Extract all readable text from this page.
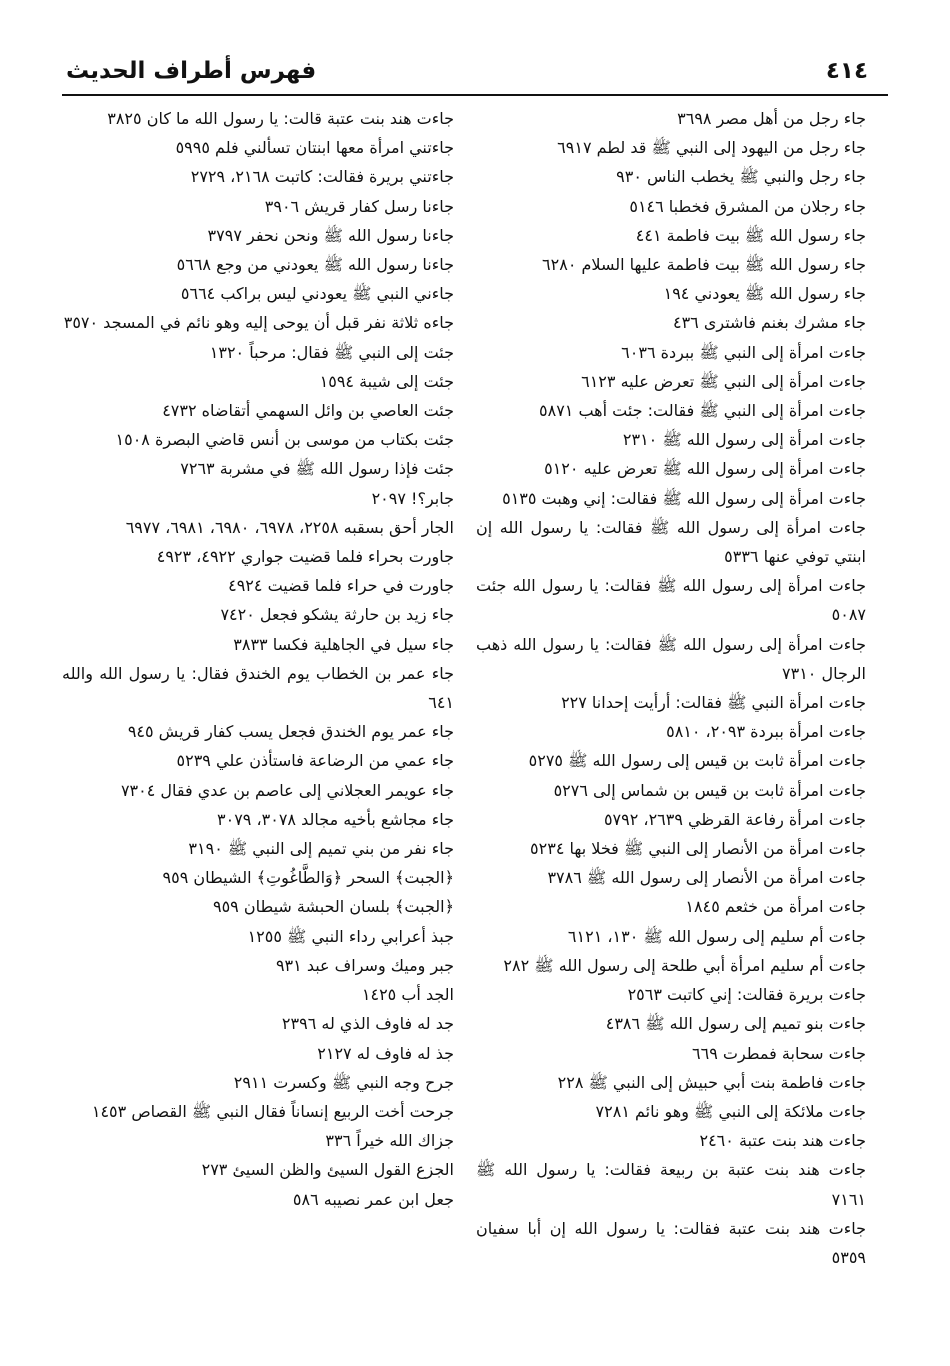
٤١٤
فهرس أطراف الحديث

جاء رجل من أهل مصر ٣٦٩٨

جاء رجل من اليهود إلى النبي ﷺ قد لطم ٦٩١٧

جاء رجل والنبي ﷺ يخطب الناس ٩٣٠

جاء رجلان من المشرق فخطبا ٥١٤٦

جاء رسول الله ﷺ بيت فاطمة ٤٤١

جاء رسول الله ﷺ بيت فاطمة عليها السلام ٦٢٨٠

جاء رسول الله ﷺ يعودني ١٩٤

جاء مشرك بغنم فاشترى ٤٣٦

جاءت امرأة إلى النبي ﷺ ببردة ٦٠٣٦

جاءت امرأة إلى النبي ﷺ تعرض عليه ٦١٢٣

جاءت امرأة إلى النبي ﷺ فقالت: جئت أهب ٥٨٧١

جاءت امرأة إلى رسول الله ﷺ ٢٣١٠

جاءت امرأة إلى رسول الله ﷺ تعرض عليه ٥١٢٠

جاءت امرأة إلى رسول الله ﷺ فقالت: إني وهبت ٥١٣٥

جاءت امرأة إلى رسول الله ﷺ فقالت: يا رسول الله إن ابنتي توفي عنها ٥٣٣٦

جاءت امرأة إلى رسول الله ﷺ فقالت: يا رسول الله جئت ٥٠٨٧

جاءت امرأة إلى رسول الله ﷺ فقالت: يا رسول الله ذهب الرجال ٧٣١٠

جاءت امرأة النبي ﷺ فقالت: أرأيت إحدانا ٢٢٧

جاءت امرأة ببردة ٢٠٩٣، ٥٨١٠

جاءت امرأة ثابت بن قيس إلى رسول الله ﷺ ٥٢٧٥

جاءت امرأة ثابت بن قيس بن شماس إلى ٥٢٧٦

جاءت امرأة رفاعة القرظي ٢٦٣٩، ٥٧٩٢

جاءت امرأة من الأنصار إلى النبي ﷺ فخلا بها ٥٢٣٤

جاءت امرأة من الأنصار إلى رسول الله ﷺ ٣٧٨٦

جاءت امرأة من خثعم ١٨٤٥

جاءت أم سليم إلى رسول الله ﷺ ١٣٠، ٦١٢١

جاءت أم سليم امرأة أبي طلحة إلى رسول الله ﷺ ٢٨٢

جاءت بريرة فقالت: إني كاتبت ٢٥٦٣

جاءت بنو تميم إلى رسول الله ﷺ ٤٣٨٦

جاءت سحابة فمطرت ٦٦٩

جاءت فاطمة بنت أبي حبيش إلى النبي ﷺ ٢٢٨

جاءت ملائكة إلى النبي ﷺ وهو نائم ٧٢٨١

جاءت هند بنت عتبة ٢٤٦٠

جاءت هند بنت عتبة بن ربيعة فقالت: يا رسول الله ﷺ ٧١٦١

جاءت هند بنت عتبة فقالت: يا رسول الله إن أبا سفيان ٥٣٥٩

جاءت هند بنت عتبة قالت: يا رسول الله ما كان ٣٨٢٥

جاءتني امرأة معها ابنتان تسألني فلم ٥٩٩٥

جاءتني بريرة فقالت: كاتبت ٢١٦٨، ٢٧٢٩

جاءنا رسل كفار قريش ٣٩٠٦

جاءنا رسول الله ﷺ ونحن نحفر ٣٧٩٧

جاءنا رسول الله ﷺ يعودني من وجع ٥٦٦٨

جاءني النبي ﷺ يعودني ليس براكب ٥٦٦٤

جاءه ثلاثة نفر قبل أن يوحى إليه وهو نائم في المسجد ٣٥٧٠

جئت إلى النبي ﷺ فقال: مرحباً ١٣٢٠

جئت إلى شيبة ١٥٩٤

جئت العاصي بن وائل السهمي أتقاضاه ٤٧٣٢

جئت بكتاب من موسى بن أنس قاضي البصرة ١٥٠٨

جئت فإذا رسول الله ﷺ في مشربة ٧٢٦٣

جابر؟! ٢٠٩٧

الجار أحق بسقبه ٢٢٥٨، ٦٩٧٨، ٦٩٨٠، ٦٩٨١، ٦٩٧٧

جاورت بحراء فلما قضيت جواري ٤٩٢٢، ٤٩٢٣

جاورت في حراء فلما قضيت ٤٩٢٤

جاء زيد بن حارثة يشكو فجعل ٧٤٢٠

جاء سيل في الجاهلية فكسا ٣٨٣٣

جاء عمر بن الخطاب يوم الخندق فقال: يا رسول الله والله ٦٤١

جاء عمر يوم الخندق فجعل يسب كفار قريش ٩٤٥

جاء عمي من الرضاعة فاستأذن علي ٥٢٣٩

جاء عويمر العجلاني إلى عاصم بن عدي فقال ٧٣٠٤

جاء مجاشع بأخيه مجالد ٣٠٧٨، ٣٠٧٩

جاء نفر من بني تميم إلى النبي ﷺ ٣١٩٠

﴿الجبت﴾ السحر ﴿وَالطَّاغُوتِ﴾ الشيطان ٩٥٩

﴿الجبت﴾ بلسان الحبشة شيطان ٩٥٩

جبذ أعرابي رداء النبي ﷺ ١٢٥٥

جبر وميك وسراف عبد ٩٣١

الجد أب ١٤٢٥

جد له فاوف الذي له ٢٣٩٦

جذ له فاوف له ٢١٢٧

جرح وجه النبي ﷺ وكسرت ٢٩١١

جرحت أخت الربيع إنساناً فقال النبي ﷺ القصاص ١٤٥٣

جزاك الله خيراً ٣٣٦

الجزع القول السيئ والظن السيئ ٢٧٣

جعل ابن عمر نصيبه ٥٨٦
